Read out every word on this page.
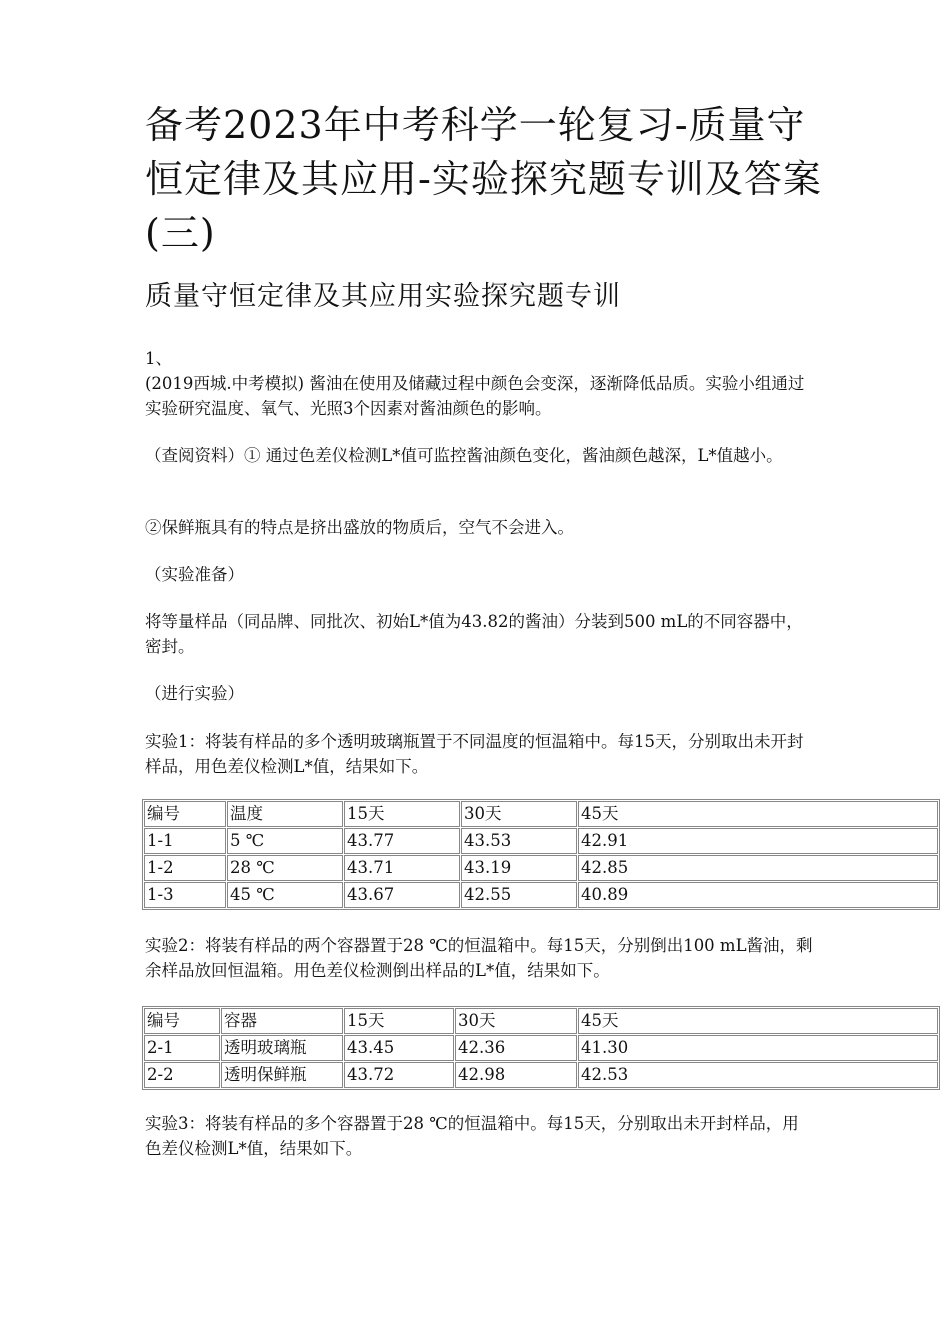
备考2023年中考科学一轮复习-质量守恒定律及其应用-实验探究题专训及答案(三)
质量守恒定律及其应用实验探究题专训

1、

(2019西城.中考模拟) 酱油在使用及储藏过程中颜色会变深，逐渐降低品质。实验小组通过实验研究温度、氧气、光照3个因素对酱油颜色的影响。

（查阅资料）① 通过色差仪检测L*值可监控酱油颜色变化，酱油颜色越深，L*值越小。

②保鲜瓶具有的特点是挤出盛放的物质后，空气不会进入。

（实验准备）

将等量样品（同品牌、同批次、初始L*值为43.82的酱油）分装到500 mL的不同容器中，密封。

（进行实验）

实验1：将装有样品的多个透明玻璃瓶置于不同温度的恒温箱中。每15天，分别取出未开封样品，用色差仪检测L*值，结果如下。

编号	温度	15天	30天	45天
1-1	5 ℃	43.77	43.53	42.91
1-2	28 ℃	43.71	43.19	42.85
1-3	45 ℃	43.67	42.55	40.89

实验2：将装有样品的两个容器置于28 ℃的恒温箱中。每15天，分别倒出100 mL酱油，剩余样品放回恒温箱。用色差仪检测倒出样品的L*值，结果如下。

编号	容器	15天	30天	45天
2-1	透明玻璃瓶	43.45	42.36	41.30
2-2	透明保鲜瓶	43.72	42.98	42.53

实验3：将装有样品的多个容器置于28 ℃的恒温箱中。每15天，分别取出未开封样品，用色差仪检测L*值，结果如下。
